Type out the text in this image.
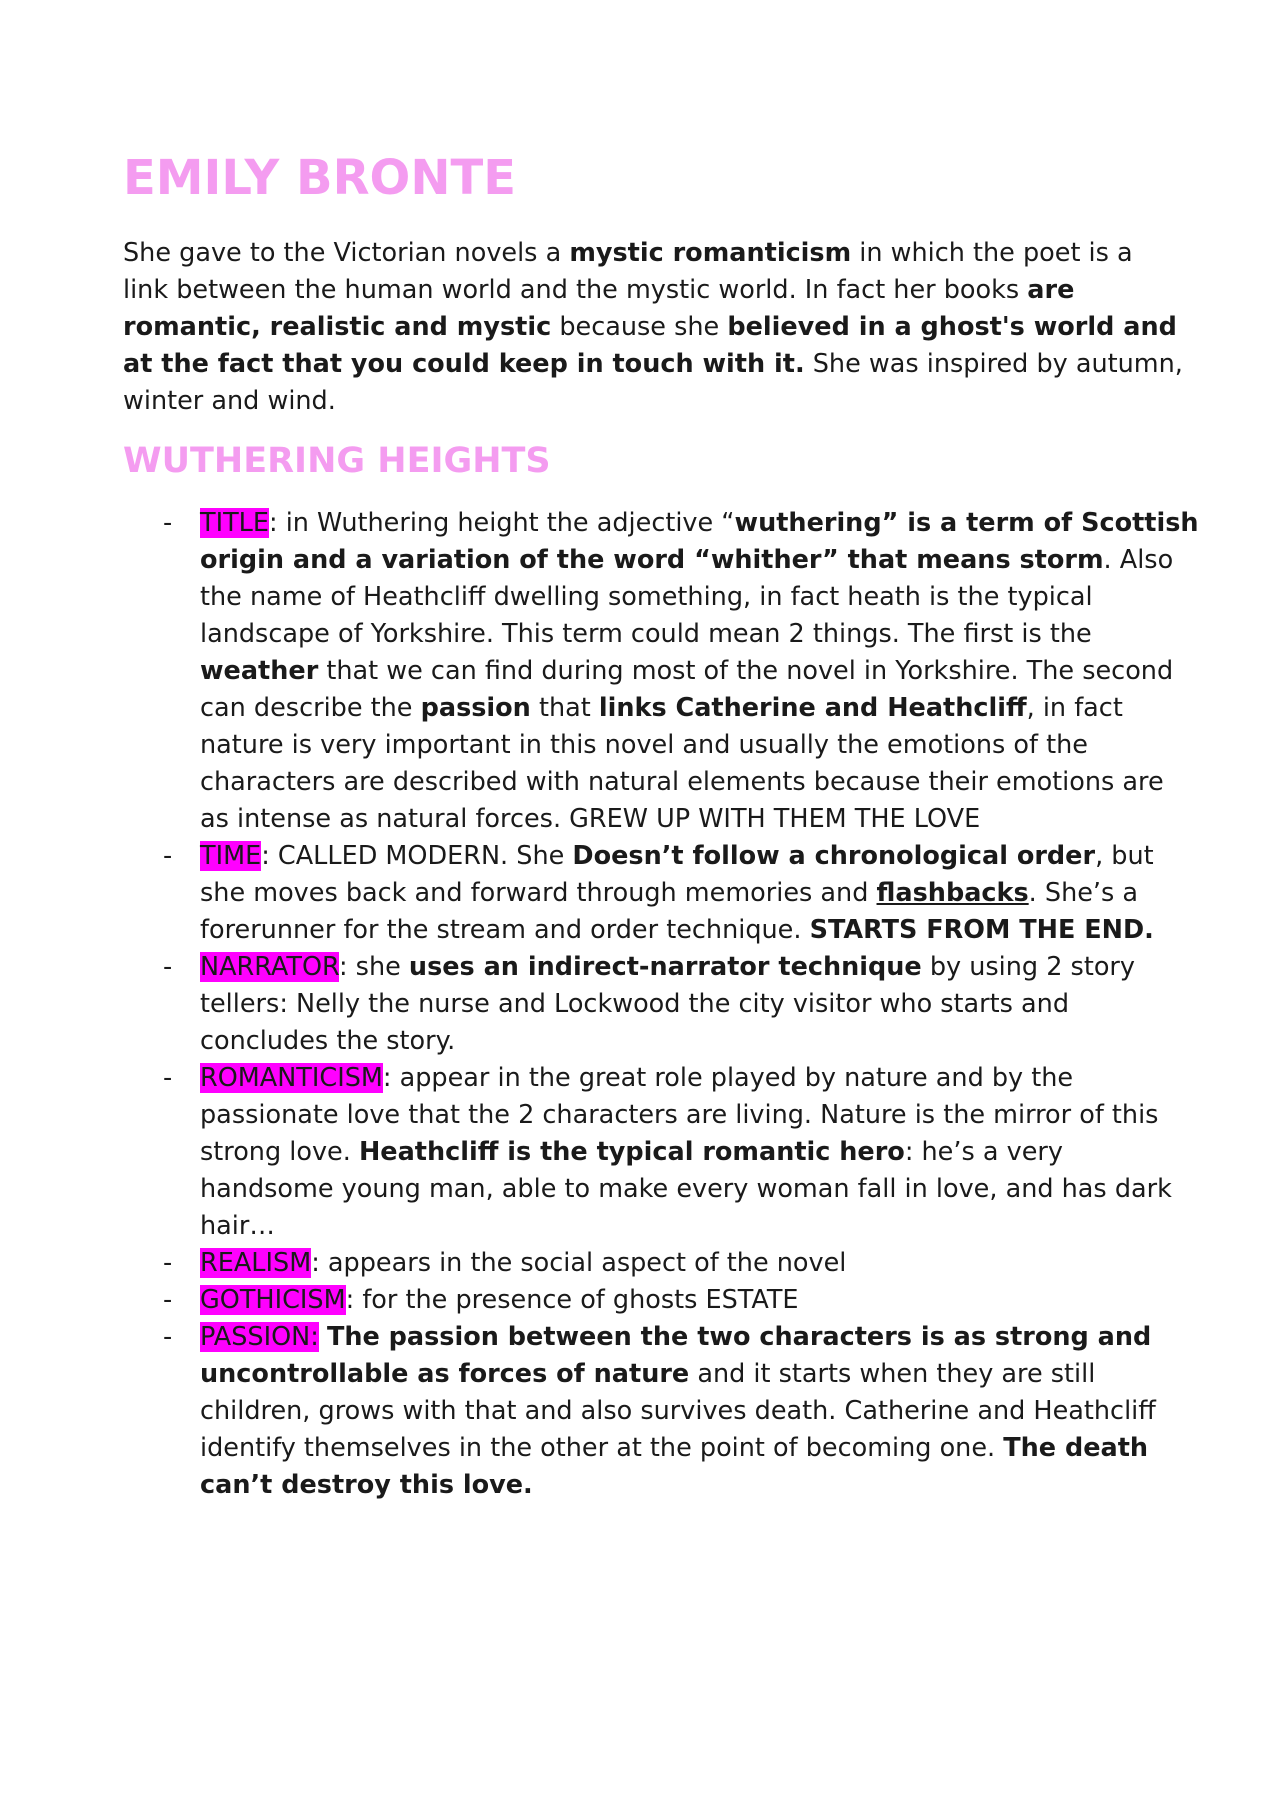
EMILY BRONTE

She gave to the Victorian novels a mystic romanticism in which the poet is a link between the human world and the mystic world. In fact her books are romantic, realistic and mystic because she believed in a ghost's world and at the fact that you could keep in touch with it. She was inspired by autumn, winter and wind.

WUTHERING HEIGHTS
- TITLE: in Wuthering height the adjective “wuthering” is a term of Scottish origin and a variation of the word “whither” that means storm. Also the name of Heathcliff dwelling something, in fact heath is the typical landscape of Yorkshire. This term could mean 2 things. The first is the weather that we can find during most of the novel in Yorkshire. The second can describe the passion that links Catherine and Heathcliff, in fact nature is very important in this novel and usually the emotions of the characters are described with natural elements because their emotions are as intense as natural forces. GREW UP WITH THEM THE LOVE
- TIME: CALLED MODERN. She Doesn’t follow a chronological order, but she moves back and forward through memories and flashbacks. She’s a forerunner for the stream and order technique. STARTS FROM THE END.
- NARRATOR: she uses an indirect-narrator technique by using 2 story tellers: Nelly the nurse and Lockwood the city visitor who starts and concludes the story.
- ROMANTICISM: appear in the great role played by nature and by the passionate love that the 2 characters are living. Nature is the mirror of this strong love. Heathcliff is the typical romantic hero: he’s a very handsome young man, able to make every woman fall in love, and has dark hair…
- REALISM: appears in the social aspect of the novel
- GOTHICISM: for the presence of ghosts ESTATE
- PASSION: The passion between the two characters is as strong and uncontrollable as forces of nature and it starts when they are still children, grows with that and also survives death. Catherine and Heathcliff identify themselves in the other at the point of becoming one. The death can’t destroy this love.
